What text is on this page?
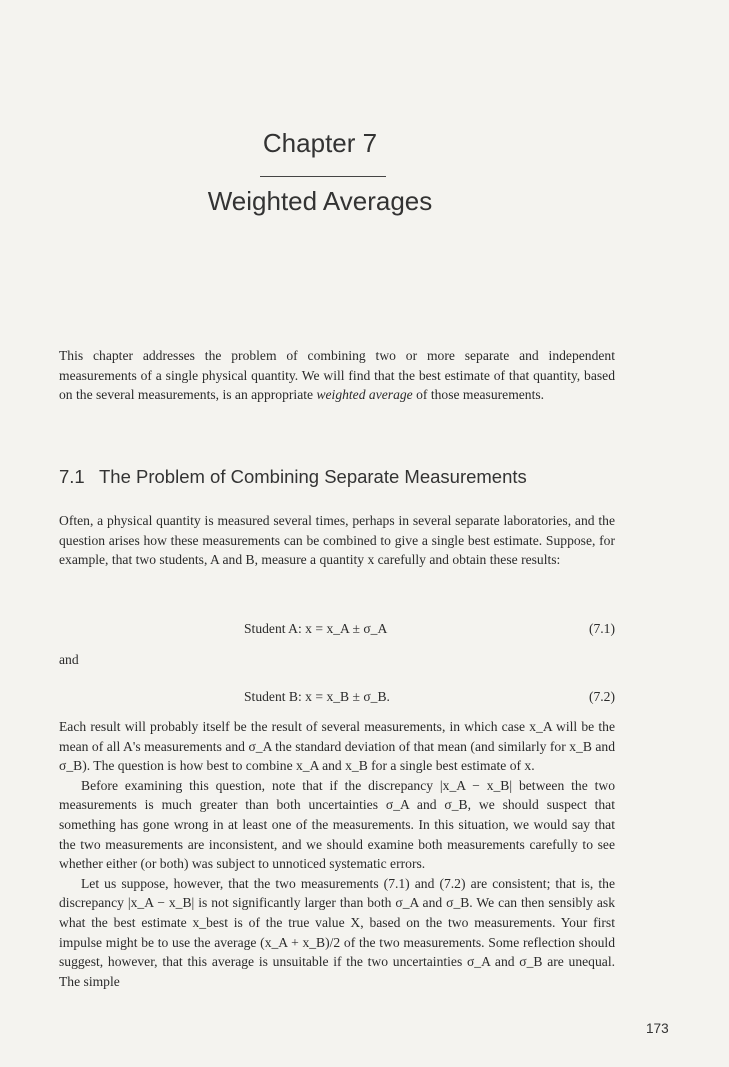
Chapter 7
Weighted Averages

This chapter addresses the problem of combining two or more separate and independent measurements of a single physical quantity. We will find that the best estimate of that quantity, based on the several measurements, is an appropriate weighted average of those measurements.

7.1 The Problem of Combining Separate Measurements

Often, a physical quantity is measured several times, perhaps in several separate laboratories, and the question arises how these measurements can be combined to give a single best estimate. Suppose, for example, that two students, A and B, measure a quantity x carefully and obtain these results:

Student A: x = x_A ± σ_A	(7.1)
and
Student B: x = x_B ± σ_B.	(7.2)

Each result will probably itself be the result of several measurements, in which case x_A will be the mean of all A's measurements and σ_A the standard deviation of that mean (and similarly for x_B and σ_B). The question is how best to combine x_A and x_B for a single best estimate of x.

Before examining this question, note that if the discrepancy |x_A − x_B| between the two measurements is much greater than both uncertainties σ_A and σ_B, we should suspect that something has gone wrong in at least one of the measurements. In this situation, we would say that the two measurements are inconsistent, and we should examine both measurements carefully to see whether either (or both) was subject to unnoticed systematic errors.

Let us suppose, however, that the two measurements (7.1) and (7.2) are consistent; that is, the discrepancy |x_A − x_B| is not significantly larger than both σ_A and σ_B. We can then sensibly ask what the best estimate x_best is of the true value X, based on the two measurements. Your first impulse might be to use the average (x_A + x_B)/2 of the two measurements. Some reflection should suggest, however, that this average is unsuitable if the two uncertainties σ_A and σ_B are unequal. The simple

173
